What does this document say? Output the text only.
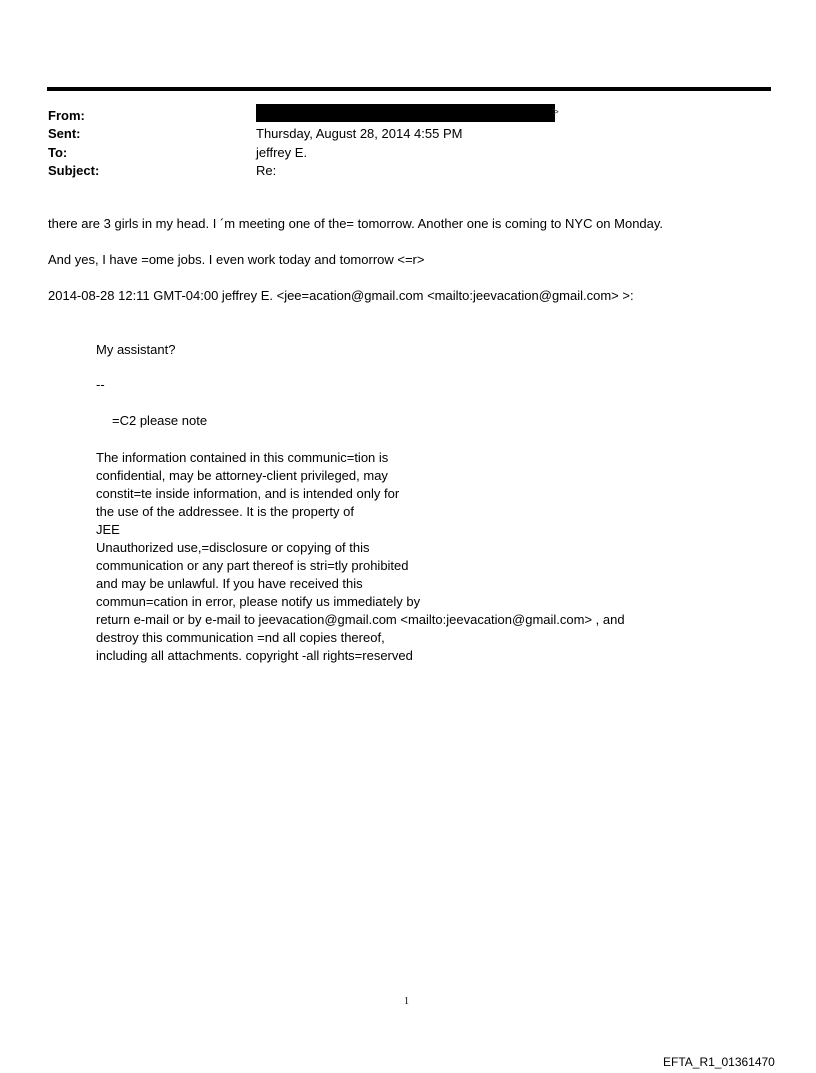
From:	>
Sent:	Thursday, August 28, 2014 4:55 PM
To:	jeffrey E.
Subject:	Re:
there are 3 girls in my head. I ´m meeting one of the= tomorrow. Another one is coming to NYC on Monday.
And yes, I have =ome jobs. I even work today and tomorrow <=r>
2014-08-28 12:11 GMT-04:00 jeffrey E. <jee=acation@gmail.com <mailto:jeevacation@gmail.com> >:
My assistant?
--
=C2 please note
The information contained in this communic=tion is
confidential, may be attorney-client privileged, may
constit=te inside information, and is intended only for
the use of the addressee. It is the property of
JEE
Unauthorized use,=disclosure or copying of this
communication or any part thereof is stri=tly prohibited
and may be unlawful. If you have received this
commun=cation in error, please notify us immediately by
return e-mail or by e-mail to jeevacation@gmail.com <mailto:jeevacation@gmail.com> , and
destroy this communication =nd all copies thereof,
including all attachments. copyright -all rights=reserved
1
EFTA_R1_01361470
